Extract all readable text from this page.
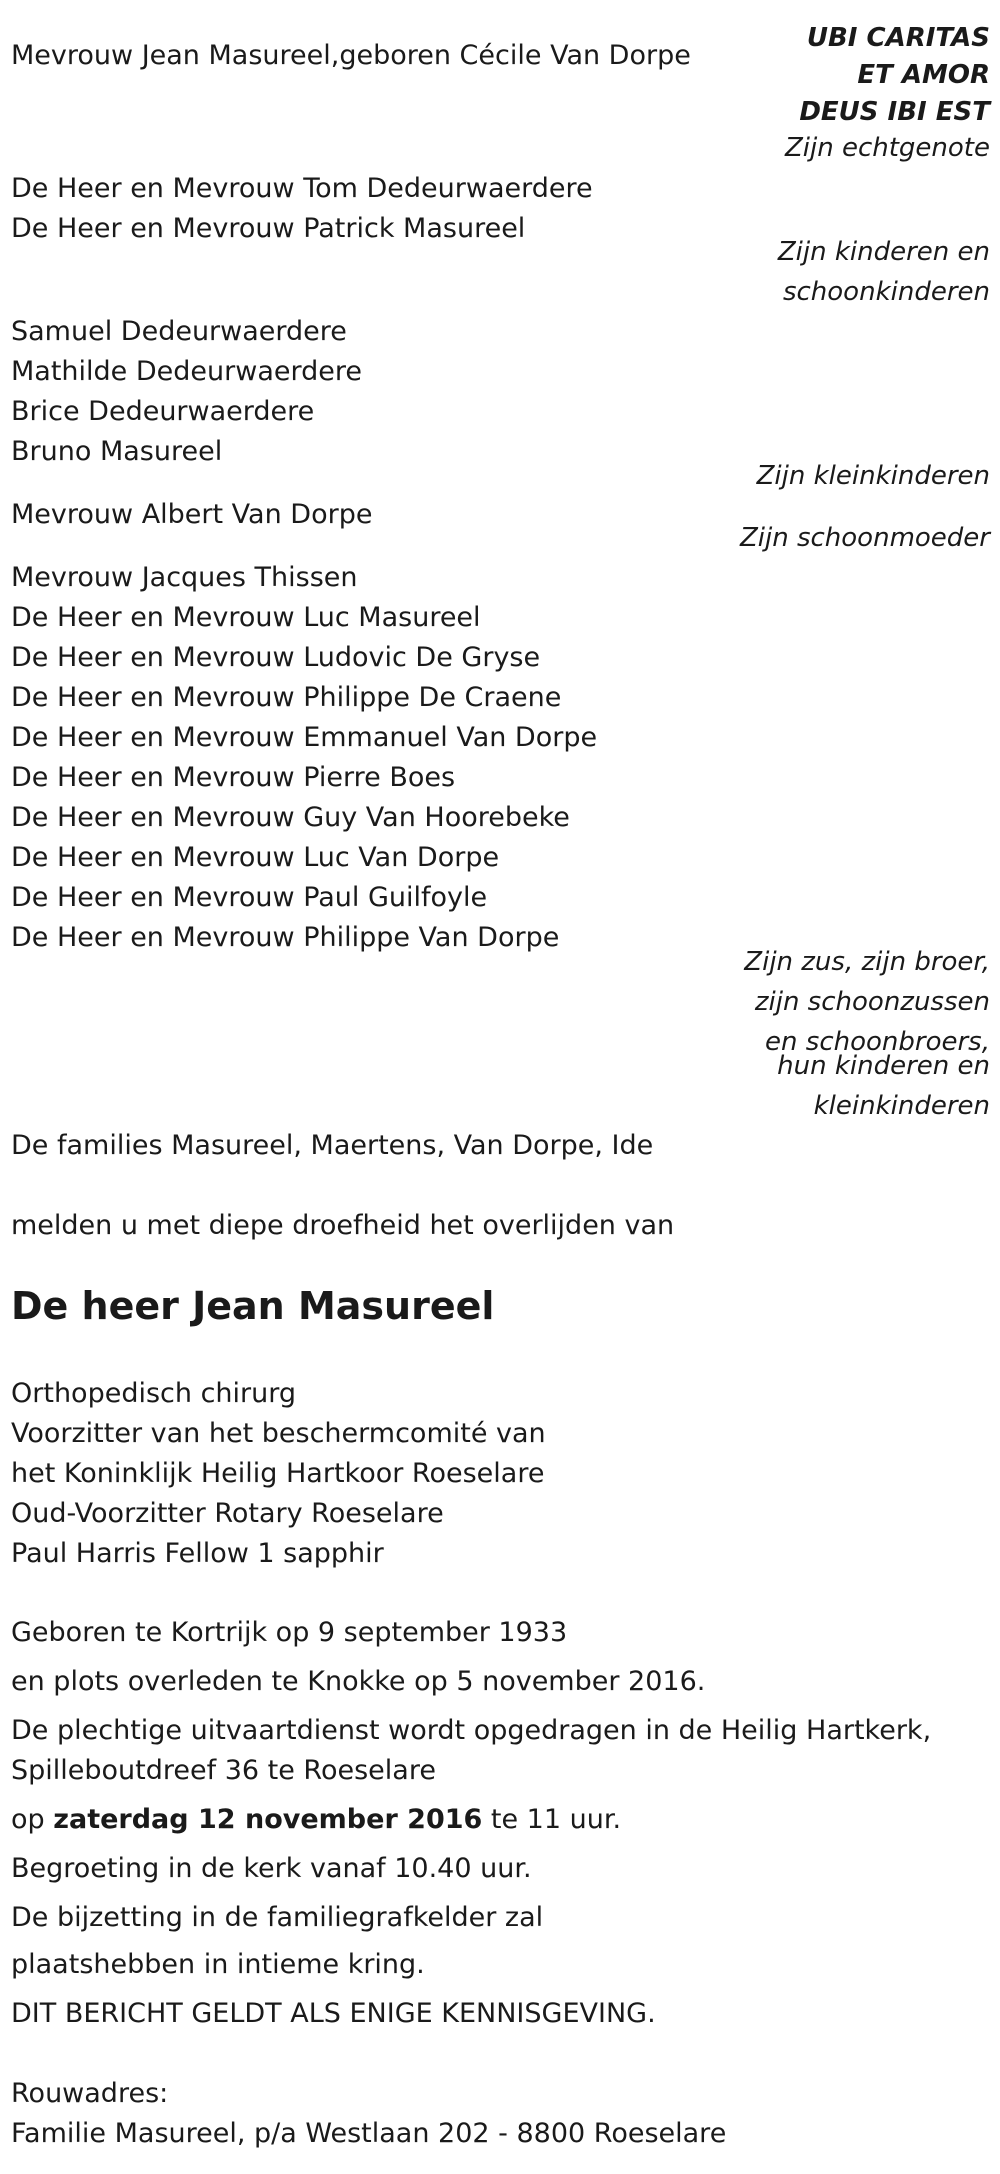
UBI CARITAS
ET AMOR
DEUS IBI EST
Mevrouw Jean Masureel,geboren Cécile Van Dorpe
Zijn echtgenote
De Heer en Mevrouw Tom Dedeurwaerdere
De Heer en Mevrouw Patrick Masureel
Zijn kinderen en
schoonkinderen
Samuel Dedeurwaerdere
Mathilde Dedeurwaerdere
Brice Dedeurwaerdere
Bruno Masureel
Zijn kleinkinderen
Mevrouw Albert Van Dorpe
Zijn schoonmoeder
Mevrouw Jacques Thissen
De Heer en Mevrouw Luc Masureel
De Heer en Mevrouw Ludovic De Gryse
De Heer en Mevrouw Philippe De Craene
De Heer en Mevrouw Emmanuel Van Dorpe
De Heer en Mevrouw Pierre Boes
De Heer en Mevrouw Guy Van Hoorebeke
De Heer en Mevrouw Luc Van Dorpe
De Heer en Mevrouw Paul Guilfoyle
De Heer en Mevrouw Philippe Van Dorpe
Zijn zus, zijn broer,
zijn schoonzussen
en schoonbroers,
hun kinderen en
kleinkinderen
De families Masureel, Maertens, Van Dorpe, Ide
melden u met diepe droefheid het overlijden van
De heer Jean Masureel
Orthopedisch chirurg
Voorzitter van het beschermcomité van
het Koninklijk Heilig Hartkoor Roeselare
Oud-Voorzitter Rotary Roeselare
Paul Harris Fellow 1 sapphir
Geboren te Kortrijk op 9 september 1933
en plots overleden te Knokke op 5 november 2016.
De plechtige uitvaartdienst wordt opgedragen in de Heilig Hartkerk,
Spilleboutdreef 36 te Roeselare
op zaterdag 12 november 2016 te 11 uur.
Begroeting in de kerk vanaf 10.40 uur.
De bijzetting in de familiegrafkelder zal
plaatshebben in intieme kring.
DIT BERICHT GELDT ALS ENIGE KENNISGEVING.
Rouwadres:
Familie Masureel, p/a Westlaan 202 - 8800 Roeselare
